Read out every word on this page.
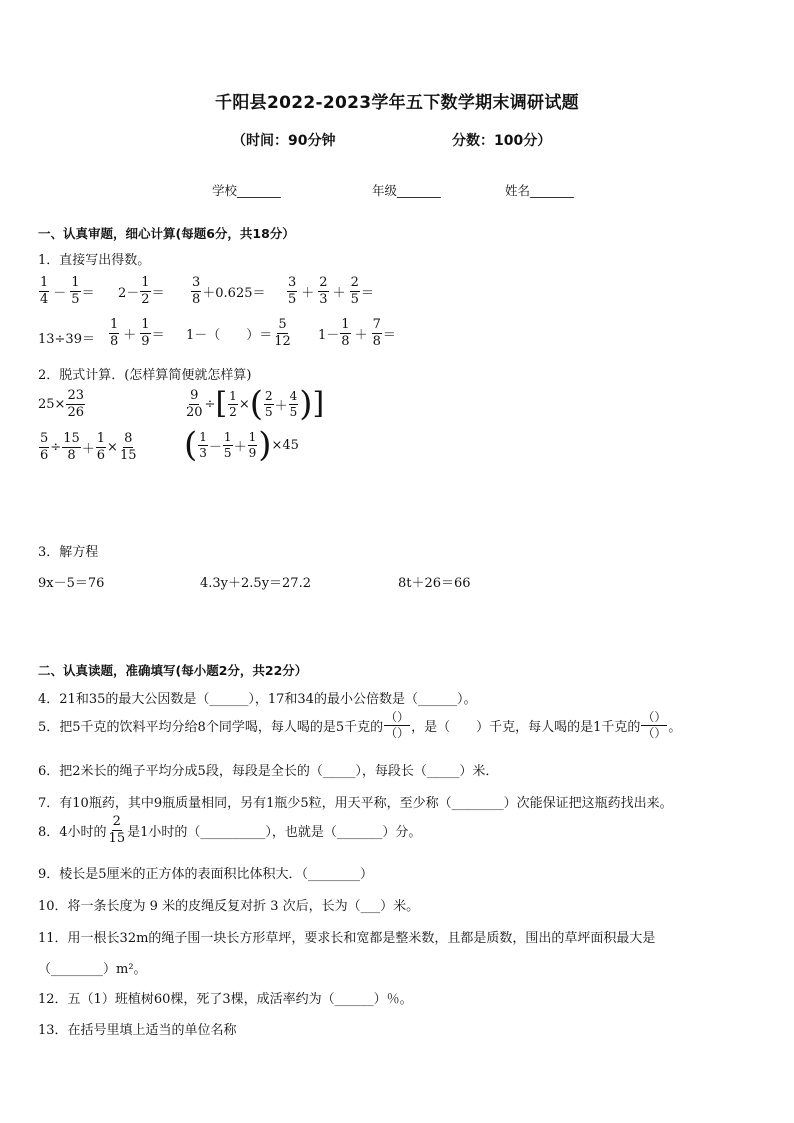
千阳县2022-2023学年五下数学期末调研试题
（时间：90分钟	分数：100分）
学校_______	年级_______	姓名_______
一、认真审题，细心计算(每题6分，共18分）
1．直接写出得数。
$\frac{1}{4} - \frac{1}{5} = 2- \frac{1}{2} = \frac{3}{8} +0.625= \frac{3}{5} + \frac{2}{3} + \frac{2}{5}$ ＝
$13\div 39= \frac{1}{8} + \frac{1}{9} = 1-$（　　）＝ $\frac{5}{12} 1- \frac{1}{8} + \frac{7}{8}$ ＝
2．脱式计算．(怎样算简便就怎样算)
$25\times \frac{23}{26}$	$\frac{9}{20}$ ÷ [ $\frac{1}{2}$ × ( $\frac{2}{5} + \frac{4}{5}$ ) ]
$\frac{5}{6} \div \frac{15}{8} + \frac{1}{6} \times \frac{8}{15}$ ( $\frac{1}{3} - \frac{1}{5} + \frac{1}{9}$ ) ×45
3．解方程
9x－5＝76	4.3y＋2.5y＝27.2	8t＋26＝66
二、认真读题，准确填写(每小题2分，共22分）
4．21和35的最大公因数是（______），17和34的最小公倍数是（______）。
5．把5千克的饮料平均分给8个同学喝，每人喝的是5千克的 $\frac{()}{()}$ ，是（　　）千克，每人喝的是1千克的 $\frac{()}{()}$ 。
6．把2米长的绳子平均分成5段，每段是全长的（_____），每段长（_____）米．
7．有10瓶药，其中9瓶质量相同，另有1瓶少5粒，用天平称，至少称（________）次能保证把这瓶药找出来。
8．4小时的 $\frac{2}{15}$ 是1小时的（__________），也就是（_______）分。
9．棱长是5厘米的正方体的表面积比体积大．（________）
10．将一条长度为 9 米的皮绳反复对折 3 次后，长为（___）米。
11．用一根长32m的绳子围一块长方形草坪，要求长和宽都是整米数，且都是质数，围出的草坪面积最大是
（________）m²。
12．五（1）班植树60棵，死了3棵，成活率约为（______）％。
13．在括号里填上适当的单位名称
